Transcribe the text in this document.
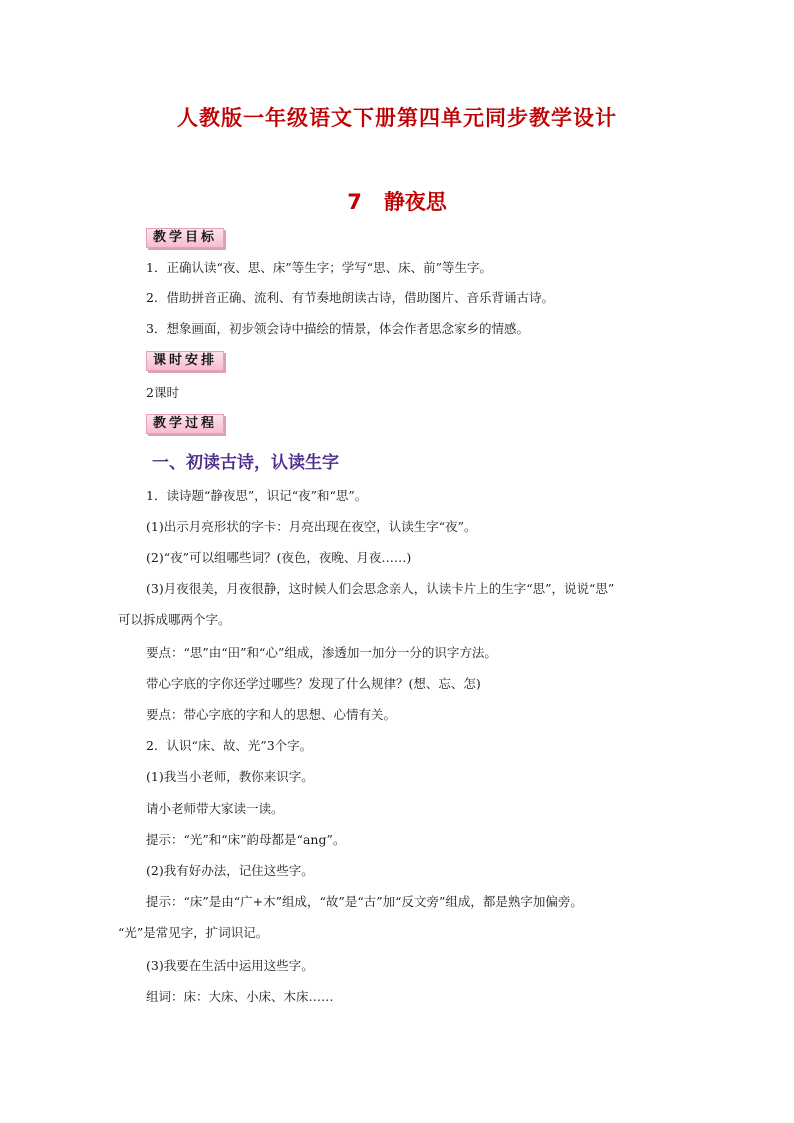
人教版一年级语文下册第四单元同步教学设计
7 静夜思
教学目标
1．正确认读“夜、思、床”等生字；学写“思、床、前”等生字。
2．借助拼音正确、流利、有节奏地朗读古诗，借助图片、音乐背诵古诗。
3．想象画面，初步领会诗中描绘的情景，体会作者思念家乡的情感。
课时安排
2课时
教学过程
一、初读古诗，认读生字
1．读诗题“静夜思”，识记“夜”和“思”。
(1)出示月亮形状的字卡：月亮出现在夜空，认读生字“夜”。
(2)“夜”可以组哪些词？(夜色，夜晚、月夜……)
(3)月夜很美，月夜很静，这时候人们会思念亲人，认读卡片上的生字“思”，说说“思”
可以拆成哪两个字。
要点：“思”由“田”和“心”组成，渗透加一加分一分的识字方法。
带心字底的字你还学过哪些？发现了什么规律？(想、忘、怎)
要点：带心字底的字和人的思想、心情有关。
2．认识“床、故、光”3个字。
(1)我当小老师，教你来识字。
请小老师带大家读一读。
提示：“光”和“床”韵母都是“ang”。
(2)我有好办法，记住这些字。
提示：“床”是由“广+木”组成，“故”是“古”加“反文旁”组成，都是熟字加偏旁。
“光”是常见字，扩词识记。
(3)我要在生活中运用这些字。
组词：床：大床、小床、木床……
